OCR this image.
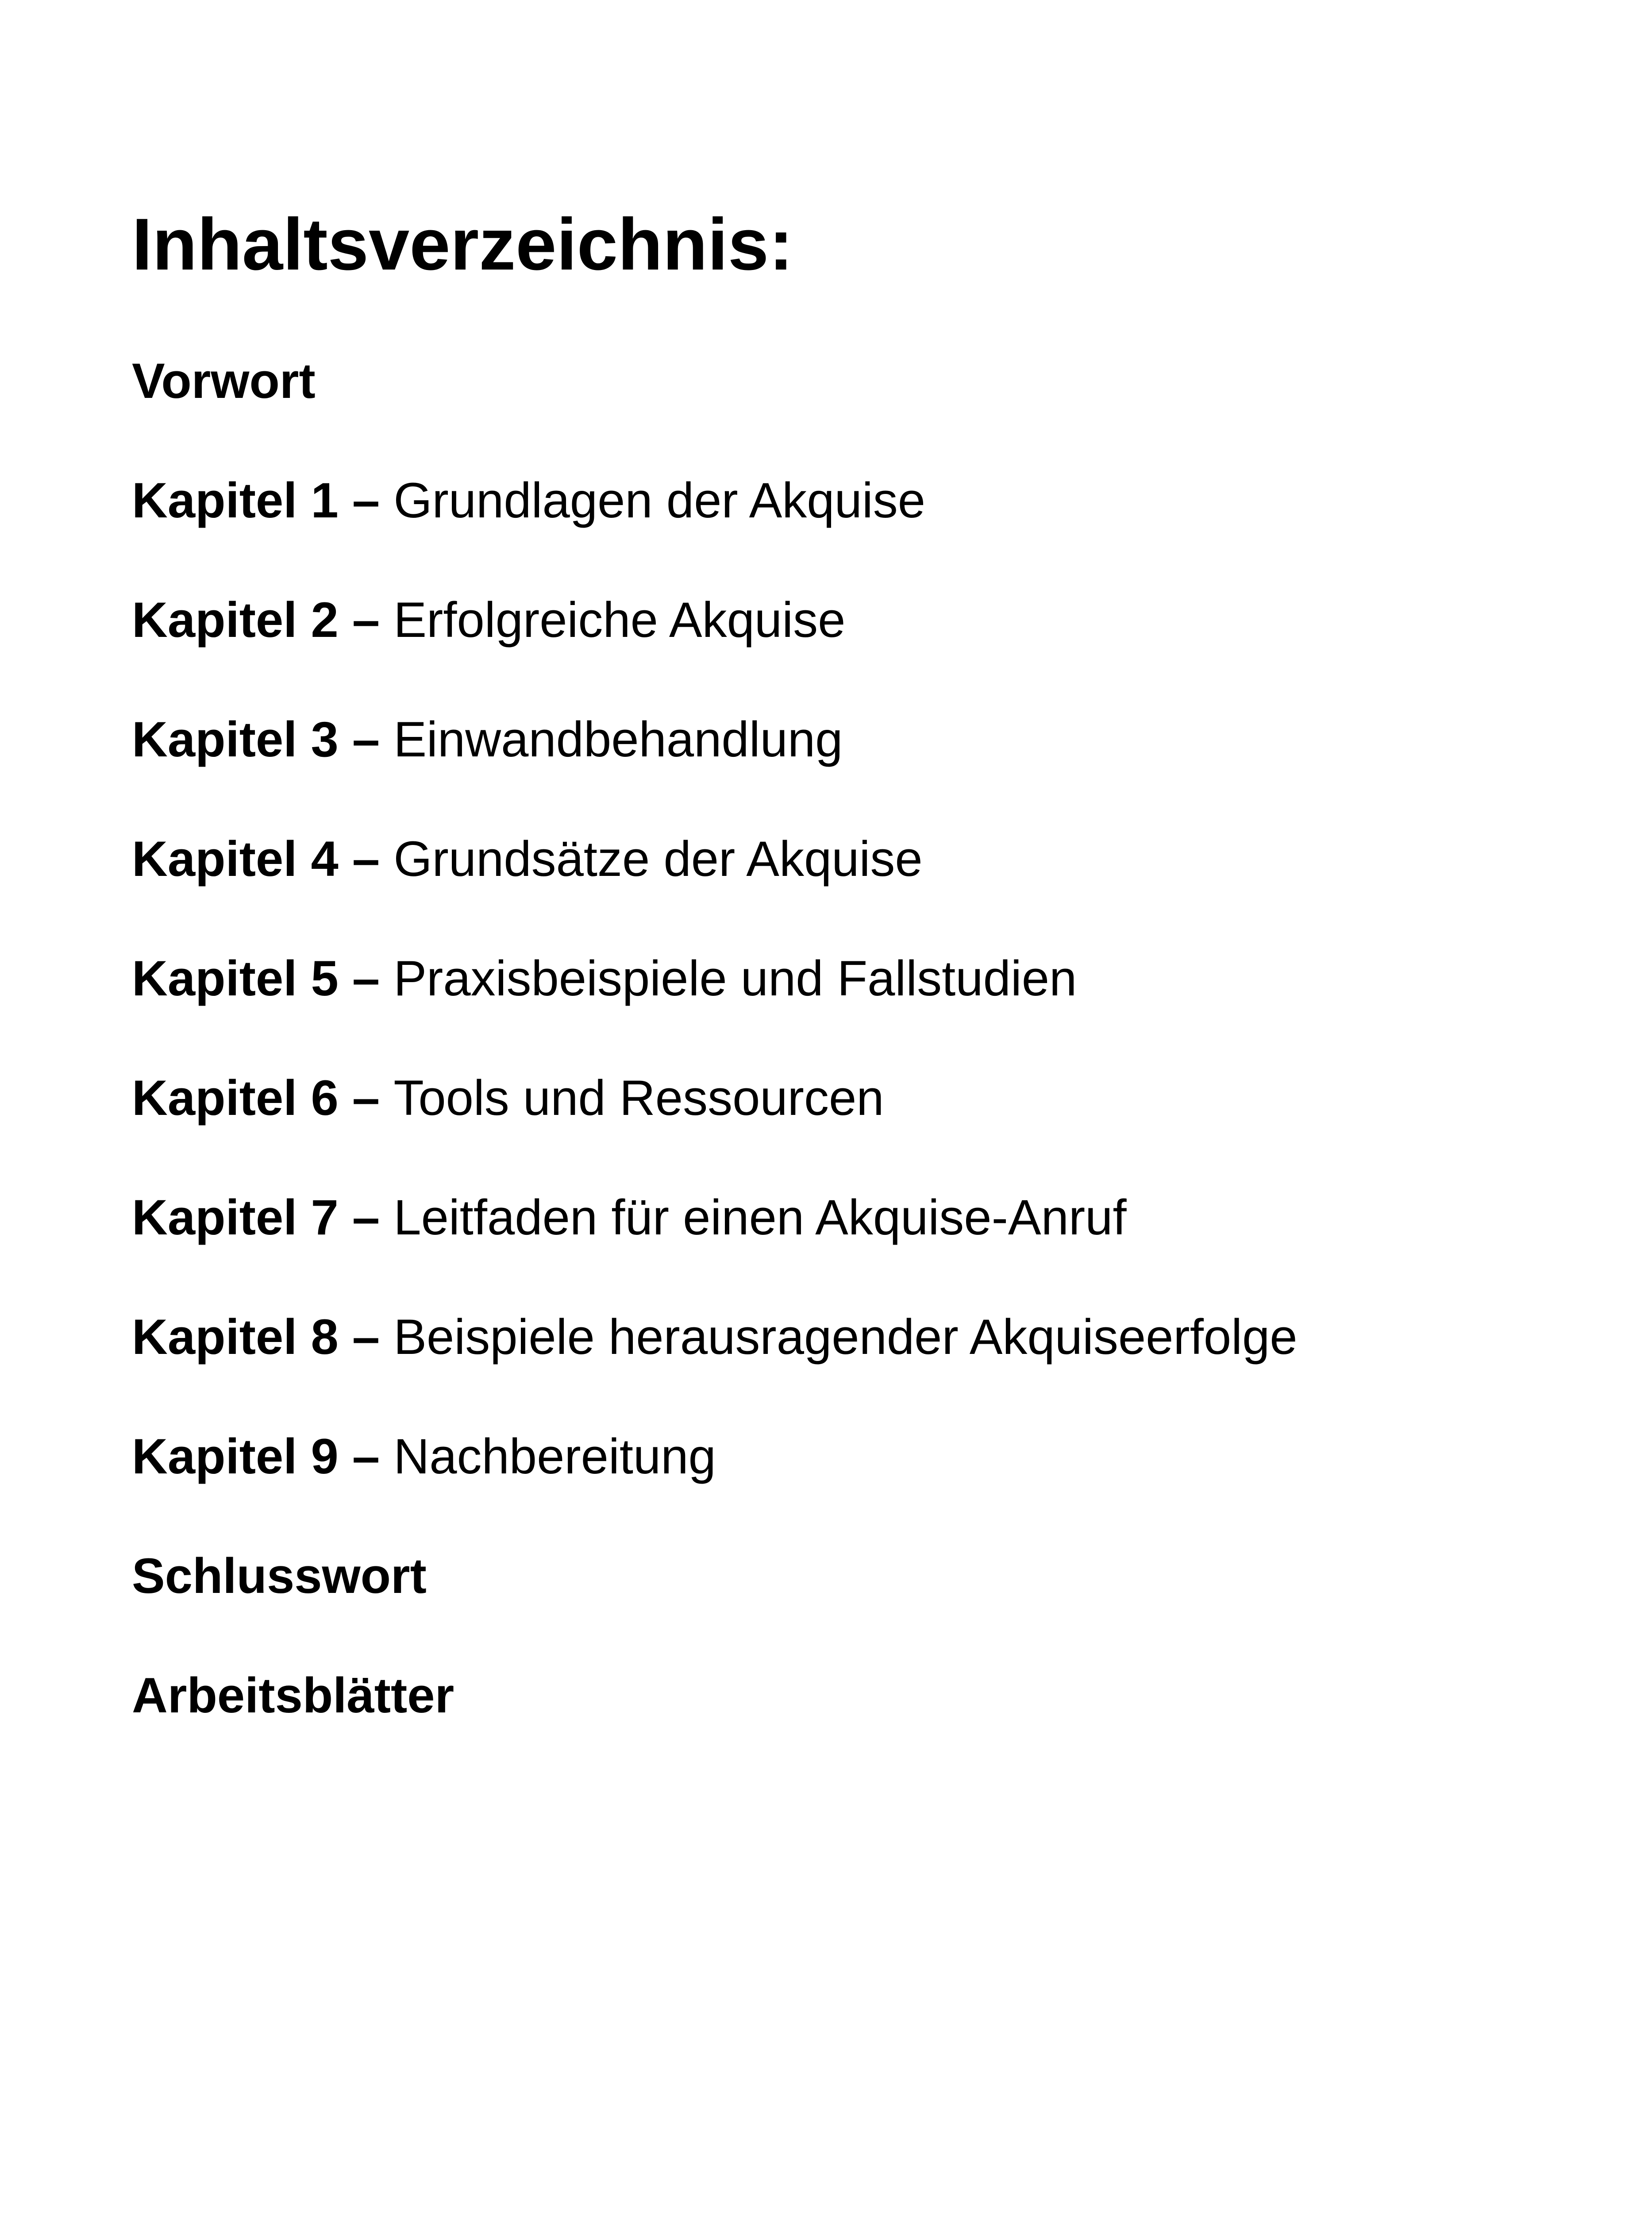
Inhaltsverzeichnis:
Vorwort
Kapitel 1 – Grundlagen der Akquise
Kapitel 2 – Erfolgreiche Akquise
Kapitel 3 – Einwandbehandlung
Kapitel 4 – Grundsätze der Akquise
Kapitel 5 – Praxisbeispiele und Fallstudien
Kapitel 6 – Tools und Ressourcen
Kapitel 7 – Leitfaden für einen Akquise-Anruf
Kapitel 8 – Beispiele herausragender Akquiseerfolge
Kapitel 9 – Nachbereitung
Schlusswort
Arbeitsblätter
